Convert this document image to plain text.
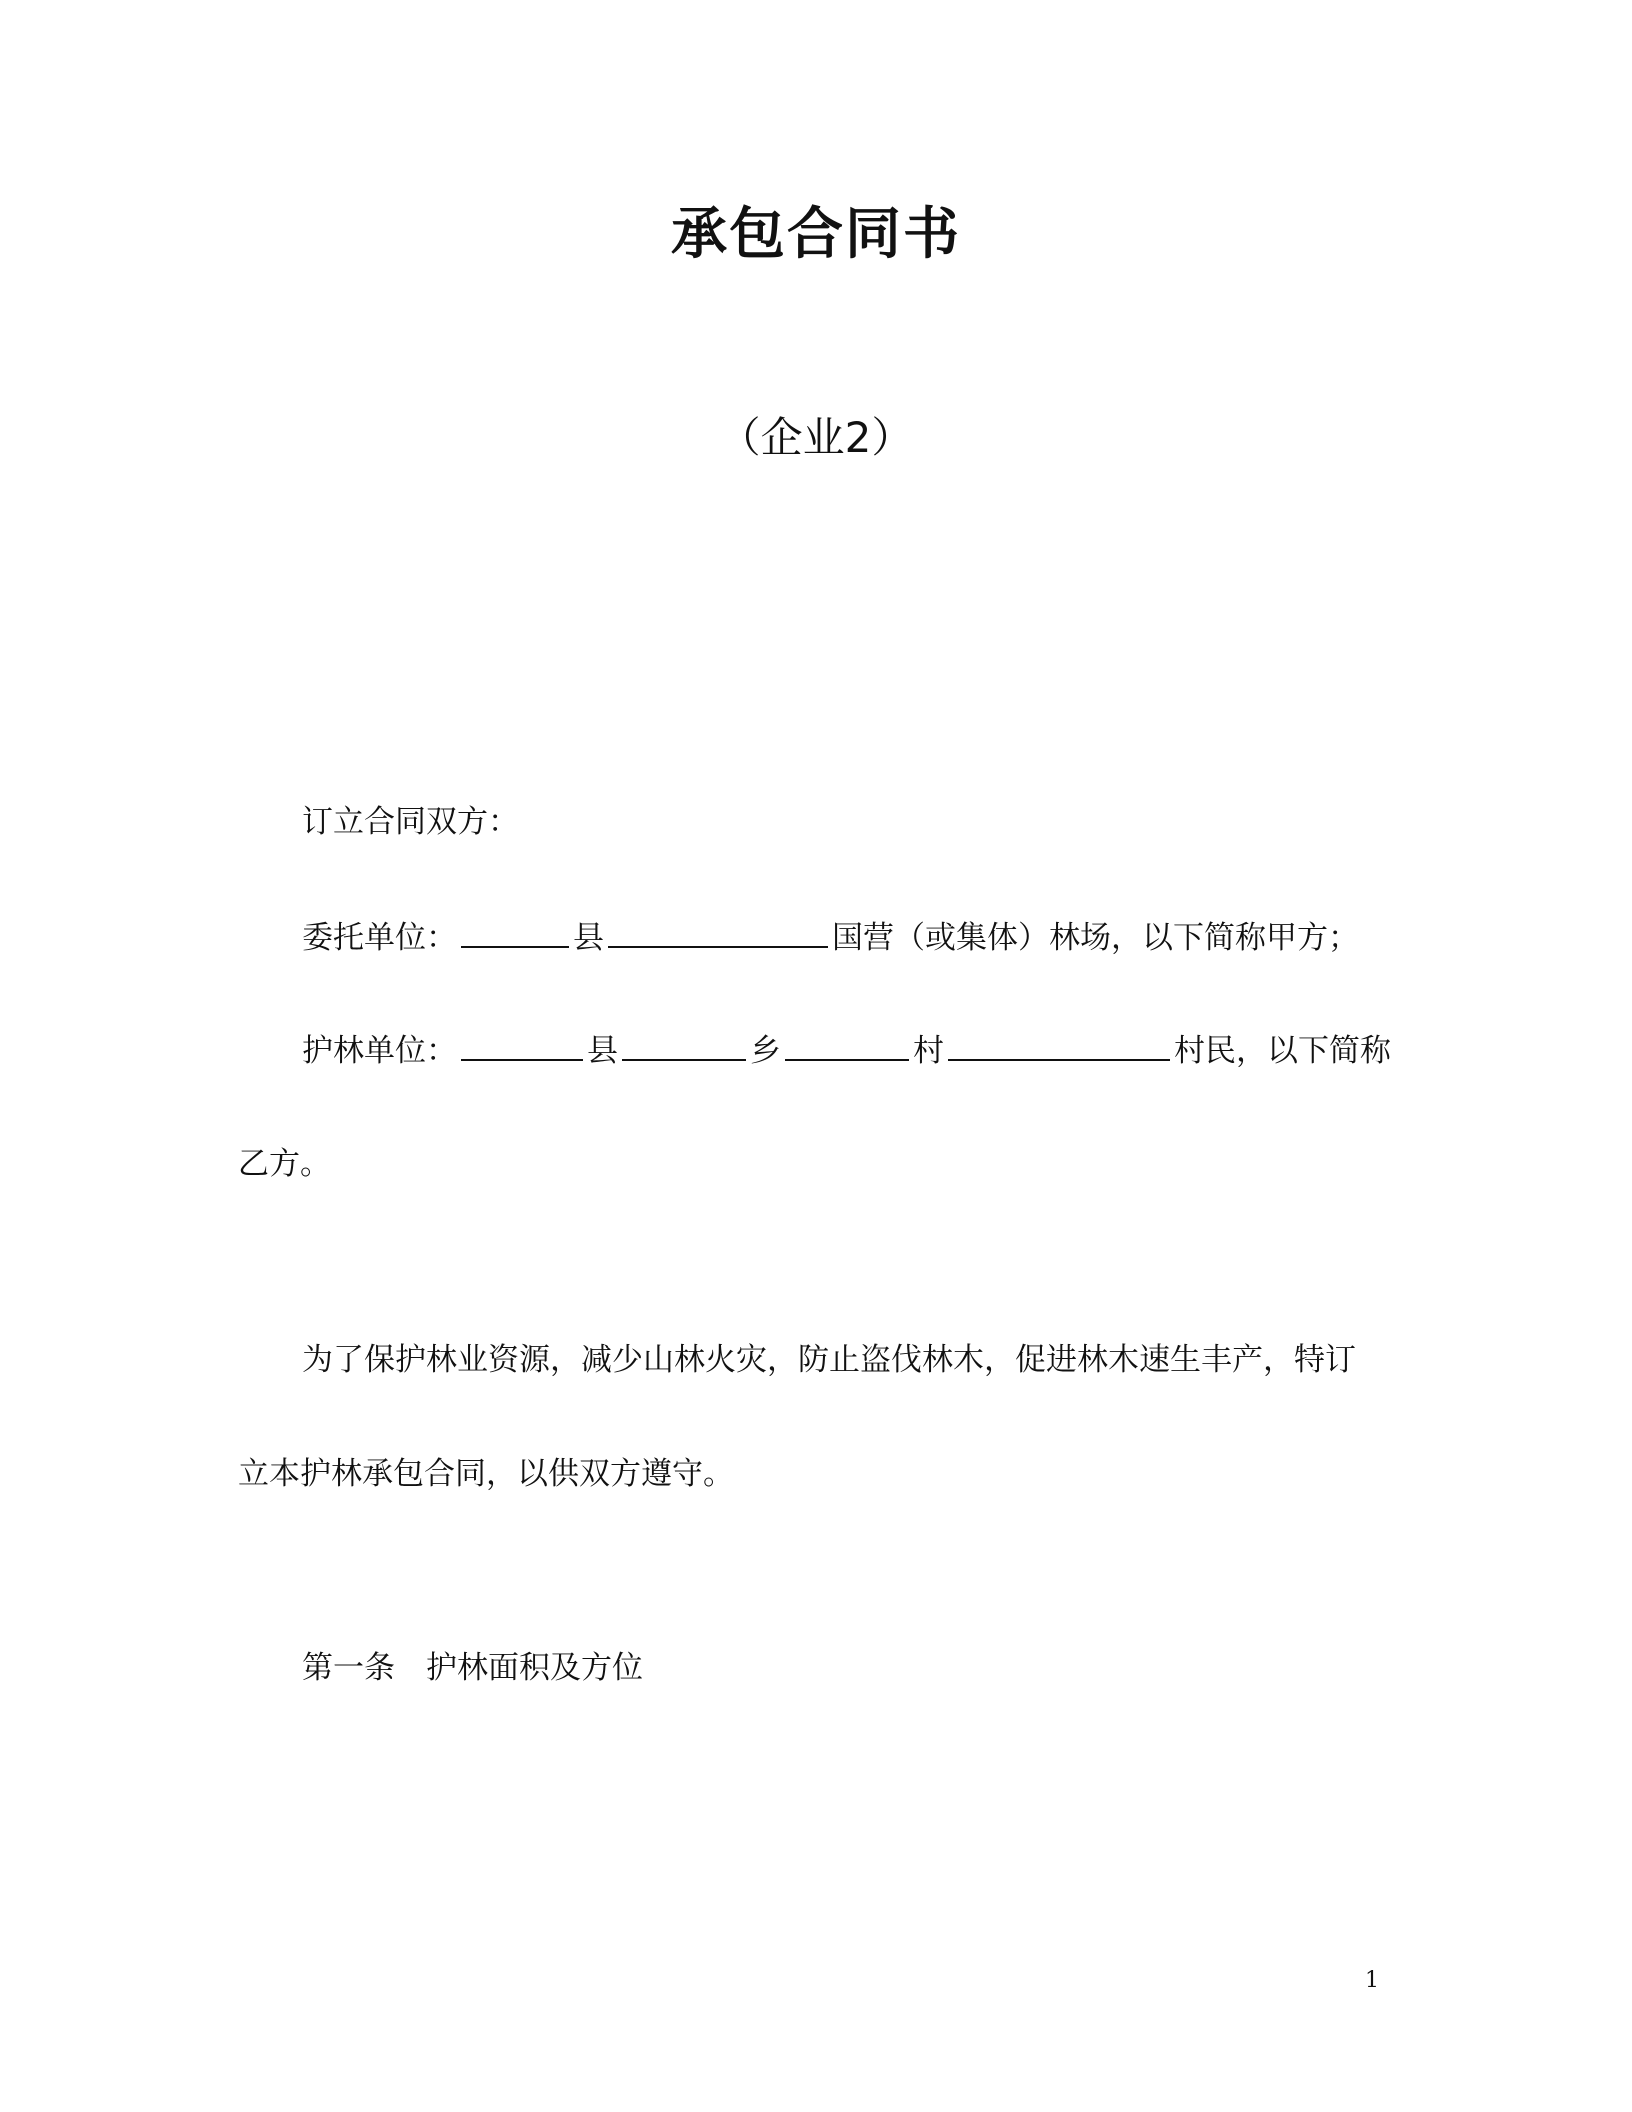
承包合同书
（企业2）
订立合同双方：
委托单位：	县	国营（或集体）林场，以下简称甲方；
护林单位：	县	乡	村	村民，以下简称
乙方。
为了保护林业资源，减少山林火灾，防止盗伐林木，促进林木速生丰产，特订
立本护林承包合同，以供双方遵守。
第一条　护林面积及方位
1
